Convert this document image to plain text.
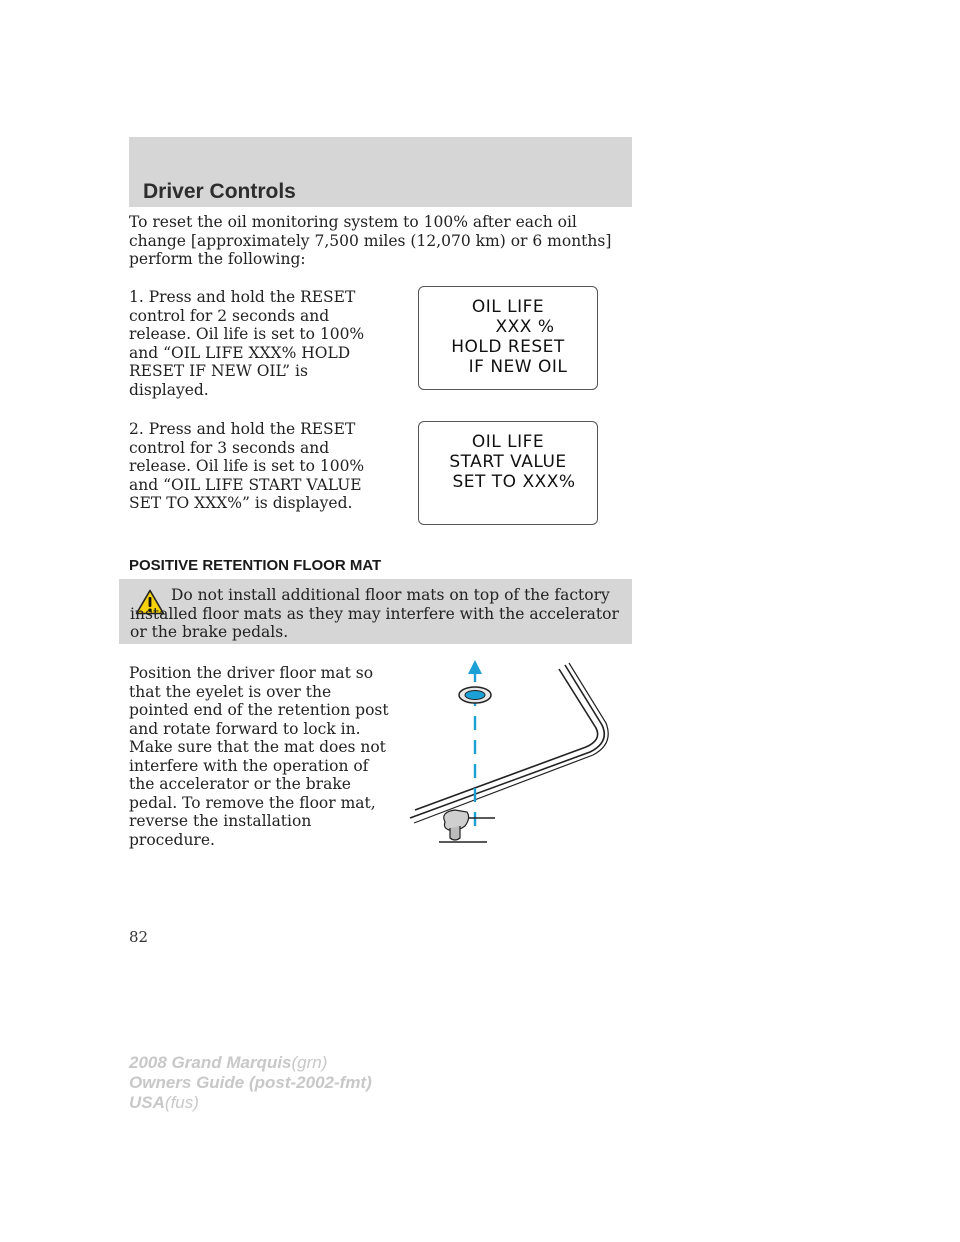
Driver Controls

To reset the oil monitoring system to 100% after each oil change [approximately 7,500 miles (12,070 km) or 6 months] perform the following:

1. Press and hold the RESET control for 2 seconds and release. Oil life is set to 100% and “OIL LIFE XXX% HOLD RESET IF NEW OIL” is displayed.

OIL LIFE
XXX %
HOLD RESET
IF NEW OIL

2. Press and hold the RESET control for 3 seconds and release. Oil life is set to 100% and “OIL LIFE START VALUE SET TO XXX%” is displayed.

OIL LIFE
START VALUE
SET TO XXX%
POSITIVE RETENTION FLOOR MAT

Do not install additional floor mats on top of the factory installed floor mats as they may interfere with the accelerator or the brake pedals.

Position the driver floor mat so that the eyelet is over the pointed end of the retention post and rotate forward to lock in. Make sure that the mat does not interfere with the operation of the accelerator or the brake pedal. To remove the floor mat, reverse the installation procedure.

82

2008 Grand Marquis(grn)
Owners Guide (post-2002-fmt)
USA(fus)
